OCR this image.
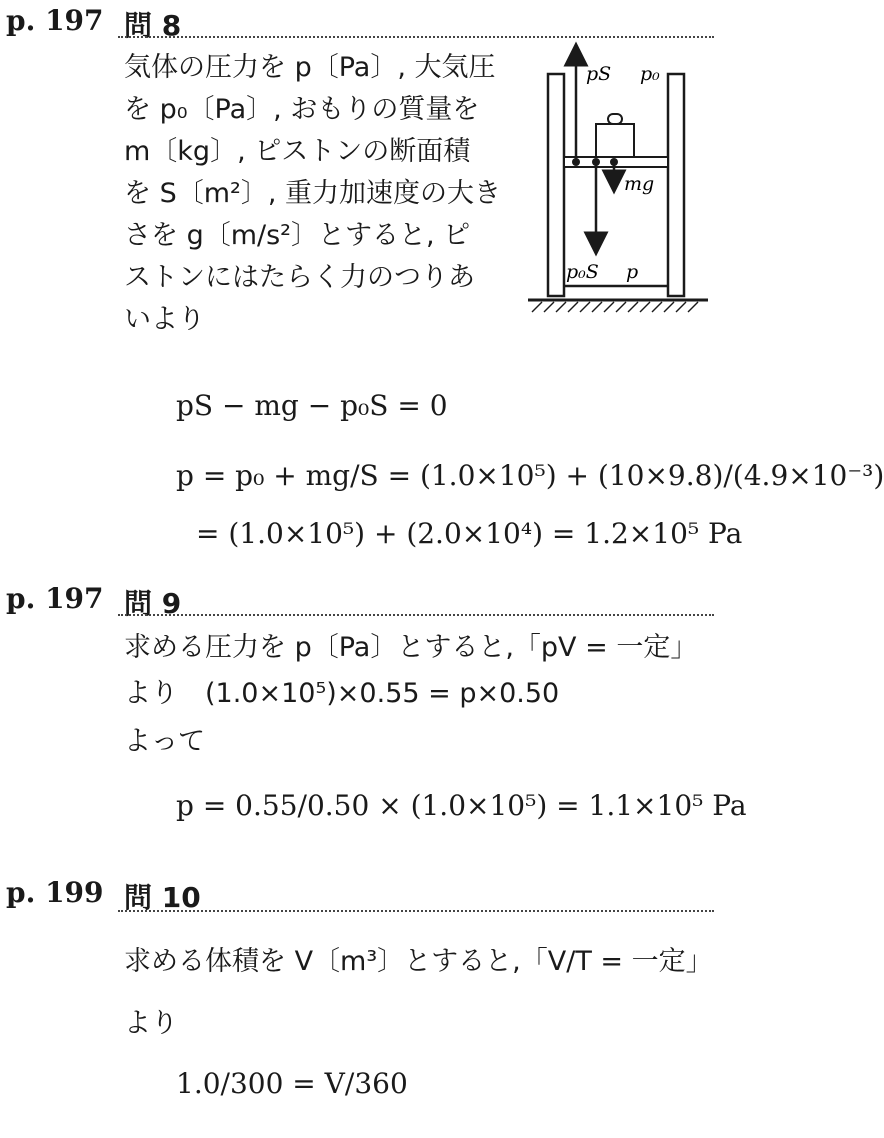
p. 197 問 8
気体の圧力を p〔Pa〕, 大気圧
を p₀〔Pa〕, おもりの質量を
m〔kg〕, ピストンの断面積
を S〔m²〕, 重力加速度の大き
さを g〔m/s²〕とすると, ピ
ストンにはたらく力のつりあ
いより
pS p₀
mg
p₀S p
pS − mg − p₀S = 0
p = p₀ + mg/S = (1.0×10⁵) + (10×9.8)/(4.9×10⁻³)
= (1.0×10⁵) + (2.0×10⁴) = 1.2×10⁵ Pa
p. 197 問 9
求める圧力を p〔Pa〕とすると,「pV = 一定」
より　(1.0×10⁵)×0.55 = p×0.50
よって
p = 0.55/0.50 × (1.0×10⁵) = 1.1×10⁵ Pa
p. 199 問 10
求める体積を V〔m³〕とすると,「V/T = 一定」
より
1.0/300 = V/360
